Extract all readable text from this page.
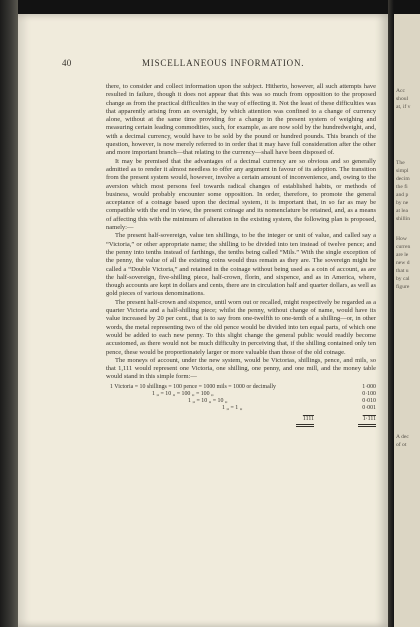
40	MISCELLANEOUS INFORMATION.

there, to consider and collect information upon the subject. Hitherto, however, all such attempts have resulted in failure, though it does not appear that this was so much from opposition to the proposed change as from the practical difficulties in the way of effecting it. Not the least of these difficulties was that apparently arising from an oversight, by which attention was confined to a change of currency alone, without at the same time providing for a change in the present system of weighing and measuring certain leading commodities, such, for example, as are now sold by the hundredweight, and, with a decimal currency, would have to be sold by the pound or hundred pounds. This branch of the question, however, is now merely referred to in order that it may have full consideration after the other and more important branch—that relating to the currency—shall have been disposed of.

It may be premised that the advantages of a decimal currency are so obvious and so generally admitted as to render it almost needless to offer any argument in favour of its adoption. The transition from the present system would, however, involve a certain amount of inconvenience, and, owing to the aversion which most persons feel towards radical changes of established habits, or methods of business, would probably encounter some opposition. In order, therefore, to promote the general acceptance of a coinage based upon the decimal system, it is important that, in so far as may be compatible with the end in view, the present coinage and its nomenclature be retained, and, as a means of affecting this with the minimum of alteration in the existing system, the following plan is proposed, namely:—

The present half-sovereign, value ten shillings, to be the integer or unit of value, and called say a “Victoria,” or other appropriate name; the shilling to be divided into ten instead of twelve pence; and the penny into tenths instead of farthings, the tenths being called “Mils.” With the single exception of the penny, the value of all the existing coins would thus remain as they are. The sovereign might be called a “Double Victoria,” and retained in the coinage without being used as a coin of account, as are the half-sovereign, five-shilling piece, half-crown, florin, and sixpence, and as in America, where, though accounts are kept in dollars and cents, there are in circulation half and quarter dollars, as well as gold pieces of various denominations.

The present half-crown and sixpence, until worn out or recalled, might respectively be regarded as a quarter Victoria and a half-shilling piece; whilst the penny, without change of name, would have its value increased by 20 per cent., that is to say from one-twelfth to one-tenth of a shilling—or, in other words, the metal representing two of the old pence would be divided into ten equal parts, of which one would be added to each new penny. To this slight change the general public would readily become accustomed, as there would not be much difficulty in perceiving that, if the shilling contained only ten pence, these would be proportionately larger or more valuable than those of the old coinage.

The moneys of account, under the new system, would be Victorias, shillings, pence, and mils, so that 1,111 would represent one Victoria, one shilling, one penny, and one mill, and the money table would stand in this simple form:—

1 Victoria = 10 shillings = 100 pence = 1000 mils = 1000 or decimally	1·000
1 „ = 10 „ = 100 „ = 100 „	0·100
1 „ = 10 „ = 10 „	0·010
1 „ = 1 „	0·001
1111	1·111
Acc
shoul
at, if v
The
simpl
decim
the fi
and p
by ne
at lea
shillin
How
curren
are le
new d
that u
by cal
figure
A dec
of ot
